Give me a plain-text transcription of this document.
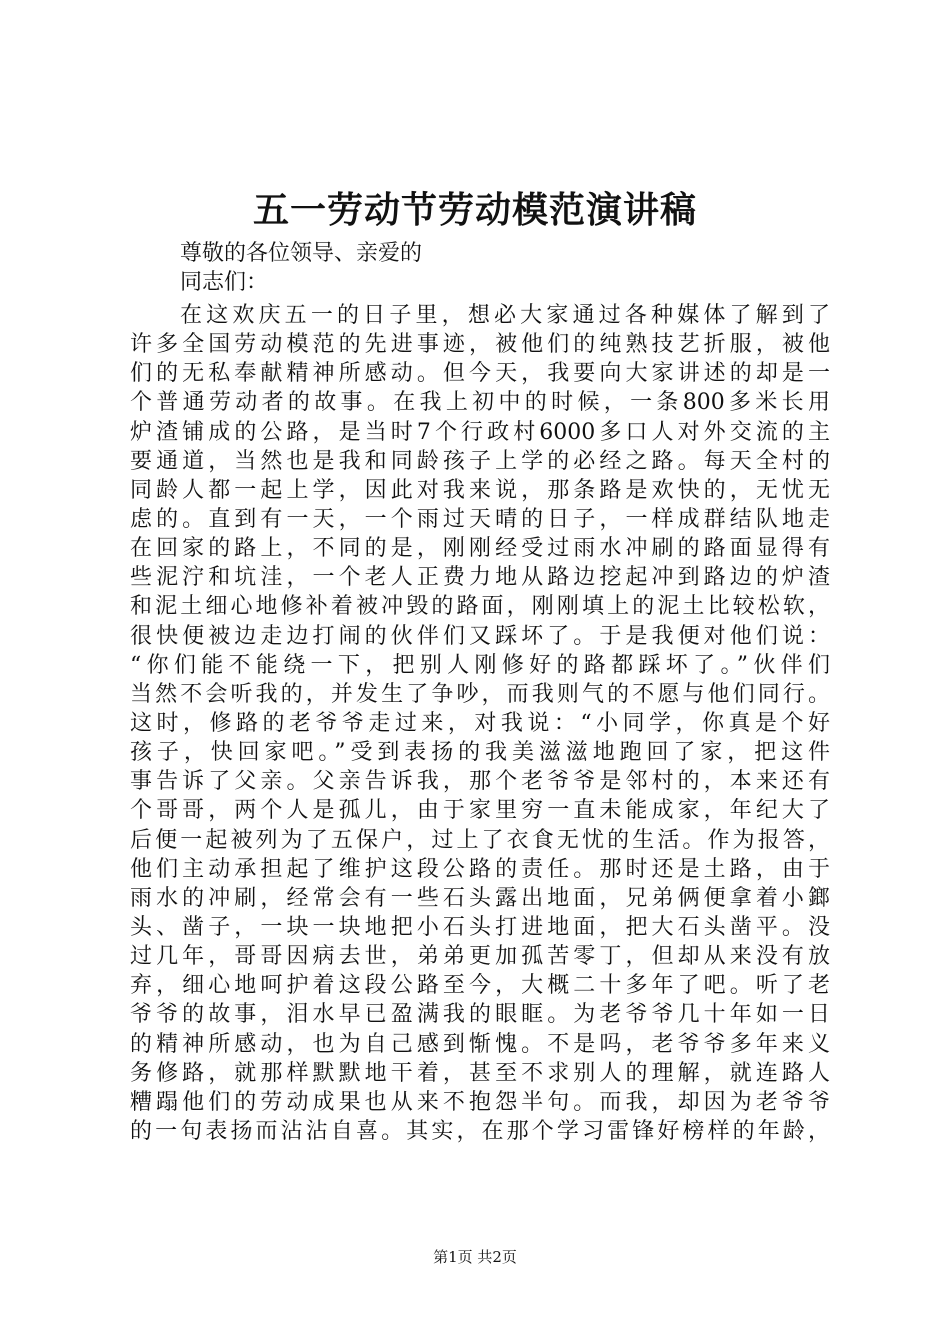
五一劳动节劳动模范演讲稿
尊敬的各位领导、亲爱的
同志们：
在这欢庆五一的日子里，想必大家通过各种媒体了解到了
许多全国劳动模范的先进事迹，被他们的纯熟技艺折服，被他
们的无私奉献精神所感动。但今天，我要向大家讲述的却是一
个普通劳动者的故事。在我上初中的时候，一条800多米长用
炉渣铺成的公路，是当时7个行政村6000多口人对外交流的主
要通道，当然也是我和同龄孩子上学的必经之路。每天全村的
同龄人都一起上学，因此对我来说，那条路是欢快的，无忧无
虑的。直到有一天，一个雨过天晴的日子，一样成群结队地走
在回家的路上，不同的是，刚刚经受过雨水冲刷的路面显得有
些泥泞和坑洼，一个老人正费力地从路边挖起冲到路边的炉渣
和泥土细心地修补着被冲毁的路面，刚刚填上的泥土比较松软，
很快便被边走边打闹的伙伴们又踩坏了。于是我便对他们说：
“你们能不能绕一下，把别人刚修好的路都踩坏了。”伙伴们
当然不会听我的，并发生了争吵，而我则气的不愿与他们同行。
这时，修路的老爷爷走过来，对我说：“小同学，你真是个好
孩子，快回家吧。”受到表扬的我美滋滋地跑回了家，把这件
事告诉了父亲。父亲告诉我，那个老爷爷是邻村的，本来还有
个哥哥，两个人是孤儿，由于家里穷一直未能成家，年纪大了
后便一起被列为了五保户，过上了衣食无忧的生活。作为报答，
他们主动承担起了维护这段公路的责任。那时还是土路，由于
雨水的冲刷，经常会有一些石头露出地面，兄弟俩便拿着小鎯
头、凿子，一块一块地把小石头打进地面，把大石头凿平。没
过几年，哥哥因病去世，弟弟更加孤苦零丁，但却从来没有放
弃，细心地呵护着这段公路至今，大概二十多年了吧。听了老
爷爷的故事，泪水早已盈满我的眼眶。为老爷爷几十年如一日
的精神所感动，也为自己感到惭愧。不是吗，老爷爷多年来义
务修路，就那样默默地干着，甚至不求别人的理解，就连路人
糟蹋他们的劳动成果也从来不抱怨半句。而我，却因为老爷爷
的一句表扬而沾沾自喜。其实，在那个学习雷锋好榜样的年龄，
第1页 共2页
